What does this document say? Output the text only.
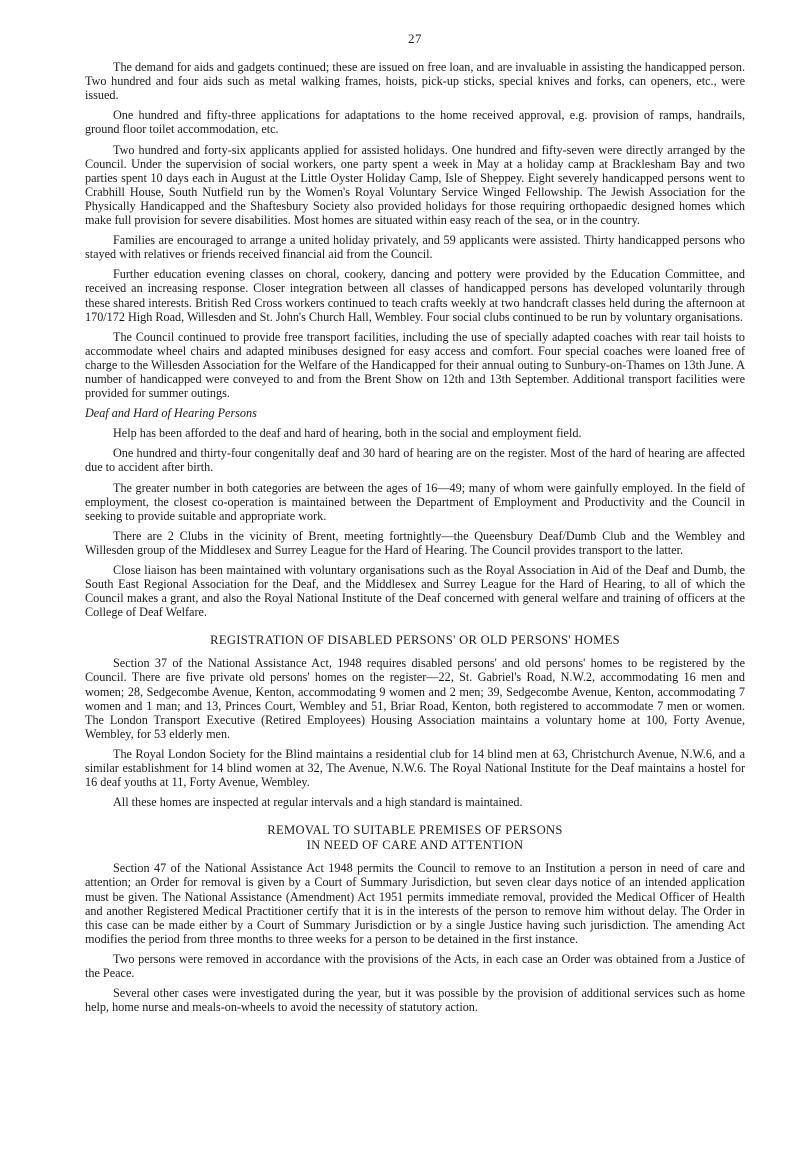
27

The demand for aids and gadgets continued; these are issued on free loan, and are invaluable in assisting the handicapped person. Two hundred and four aids such as metal walking frames, hoists, pick-up sticks, special knives and forks, can openers, etc., were issued.

One hundred and fifty-three applications for adaptations to the home received approval, e.g. provision of ramps, handrails, ground floor toilet accommodation, etc.

Two hundred and forty-six applicants applied for assisted holidays. One hundred and fifty-seven were directly arranged by the Council. Under the supervision of social workers, one party spent a week in May at a holiday camp at Bracklesham Bay and two parties spent 10 days each in August at the Little Oyster Holiday Camp, Isle of Sheppey. Eight severely handicapped persons went to Crabhill House, South Nutfield run by the Women's Royal Voluntary Service Winged Fellowship. The Jewish Association for the Physically Handicapped and the Shaftesbury Society also provided holidays for those requiring orthopaedic designed homes which make full provision for severe disabilities. Most homes are situated within easy reach of the sea, or in the country.

Families are encouraged to arrange a united holiday privately, and 59 applicants were assisted. Thirty handicapped persons who stayed with relatives or friends received financial aid from the Council.

Further education evening classes on choral, cookery, dancing and pottery were provided by the Education Committee, and received an increasing response. Closer integration between all classes of handicapped persons has developed voluntarily through these shared interests. British Red Cross workers continued to teach crafts weekly at two handcraft classes held during the afternoon at 170/172 High Road, Willesden and St. John's Church Hall, Wembley. Four social clubs continued to be run by voluntary organisations.

The Council continued to provide free transport facilities, including the use of specially adapted coaches with rear tail hoists to accommodate wheel chairs and adapted minibuses designed for easy access and comfort. Four special coaches were loaned free of charge to the Willesden Association for the Welfare of the Handicapped for their annual outing to Sunbury-on-Thames on 13th June. A number of handicapped were conveyed to and from the Brent Show on 12th and 13th September. Additional transport facilities were provided for summer outings.

Deaf and Hard of Hearing Persons

Help has been afforded to the deaf and hard of hearing, both in the social and employment field.

One hundred and thirty-four congenitally deaf and 30 hard of hearing are on the register. Most of the hard of hearing are affected due to accident after birth.

The greater number in both categories are between the ages of 16—49; many of whom were gainfully employed. In the field of employment, the closest co-operation is maintained between the Department of Employment and Productivity and the Council in seeking to provide suitable and appropriate work.

There are 2 Clubs in the vicinity of Brent, meeting fortnightly—the Queensbury Deaf/Dumb Club and the Wembley and Willesden group of the Middlesex and Surrey League for the Hard of Hearing. The Council provides transport to the latter.

Close liaison has been maintained with voluntary organisations such as the Royal Association in Aid of the Deaf and Dumb, the South East Regional Association for the Deaf, and the Middlesex and Surrey League for the Hard of Hearing, to all of which the Council makes a grant, and also the Royal National Institute of the Deaf concerned with general welfare and training of officers at the College of Deaf Welfare.

REGISTRATION OF DISABLED PERSONS' OR OLD PERSONS' HOMES

Section 37 of the National Assistance Act, 1948 requires disabled persons' and old persons' homes to be registered by the Council. There are five private old persons' homes on the register—22, St. Gabriel's Road, N.W.2, accommodating 16 men and women; 28, Sedgecombe Avenue, Kenton, accommodating 9 women and 2 men; 39, Sedgecombe Avenue, Kenton, accommodating 7 women and 1 man; and 13, Princes Court, Wembley and 51, Briar Road, Kenton, both registered to accommodate 7 men or women. The London Transport Executive (Retired Employees) Housing Association maintains a voluntary home at 100, Forty Avenue, Wembley, for 53 elderly men.

The Royal London Society for the Blind maintains a residential club for 14 blind men at 63, Christchurch Avenue, N.W.6, and a similar establishment for 14 blind women at 32, The Avenue, N.W.6. The Royal National Institute for the Deaf maintains a hostel for 16 deaf youths at 11, Forty Avenue, Wembley.

All these homes are inspected at regular intervals and a high standard is maintained.

REMOVAL TO SUITABLE PREMISES OF PERSONS
IN NEED OF CARE AND ATTENTION

Section 47 of the National Assistance Act 1948 permits the Council to remove to an Institution a person in need of care and attention; an Order for removal is given by a Court of Summary Jurisdiction, but seven clear days notice of an intended application must be given. The National Assistance (Amendment) Act 1951 permits immediate removal, provided the Medical Officer of Health and another Registered Medical Practitioner certify that it is in the interests of the person to remove him without delay. The Order in this case can be made either by a Court of Summary Jurisdiction or by a single Justice having such jurisdiction. The amending Act modifies the period from three months to three weeks for a person to be detained in the first instance.

Two persons were removed in accordance with the provisions of the Acts, in each case an Order was obtained from a Justice of the Peace.

Several other cases were investigated during the year, but it was possible by the provision of additional services such as home help, home nurse and meals-on-wheels to avoid the necessity of statutory action.
